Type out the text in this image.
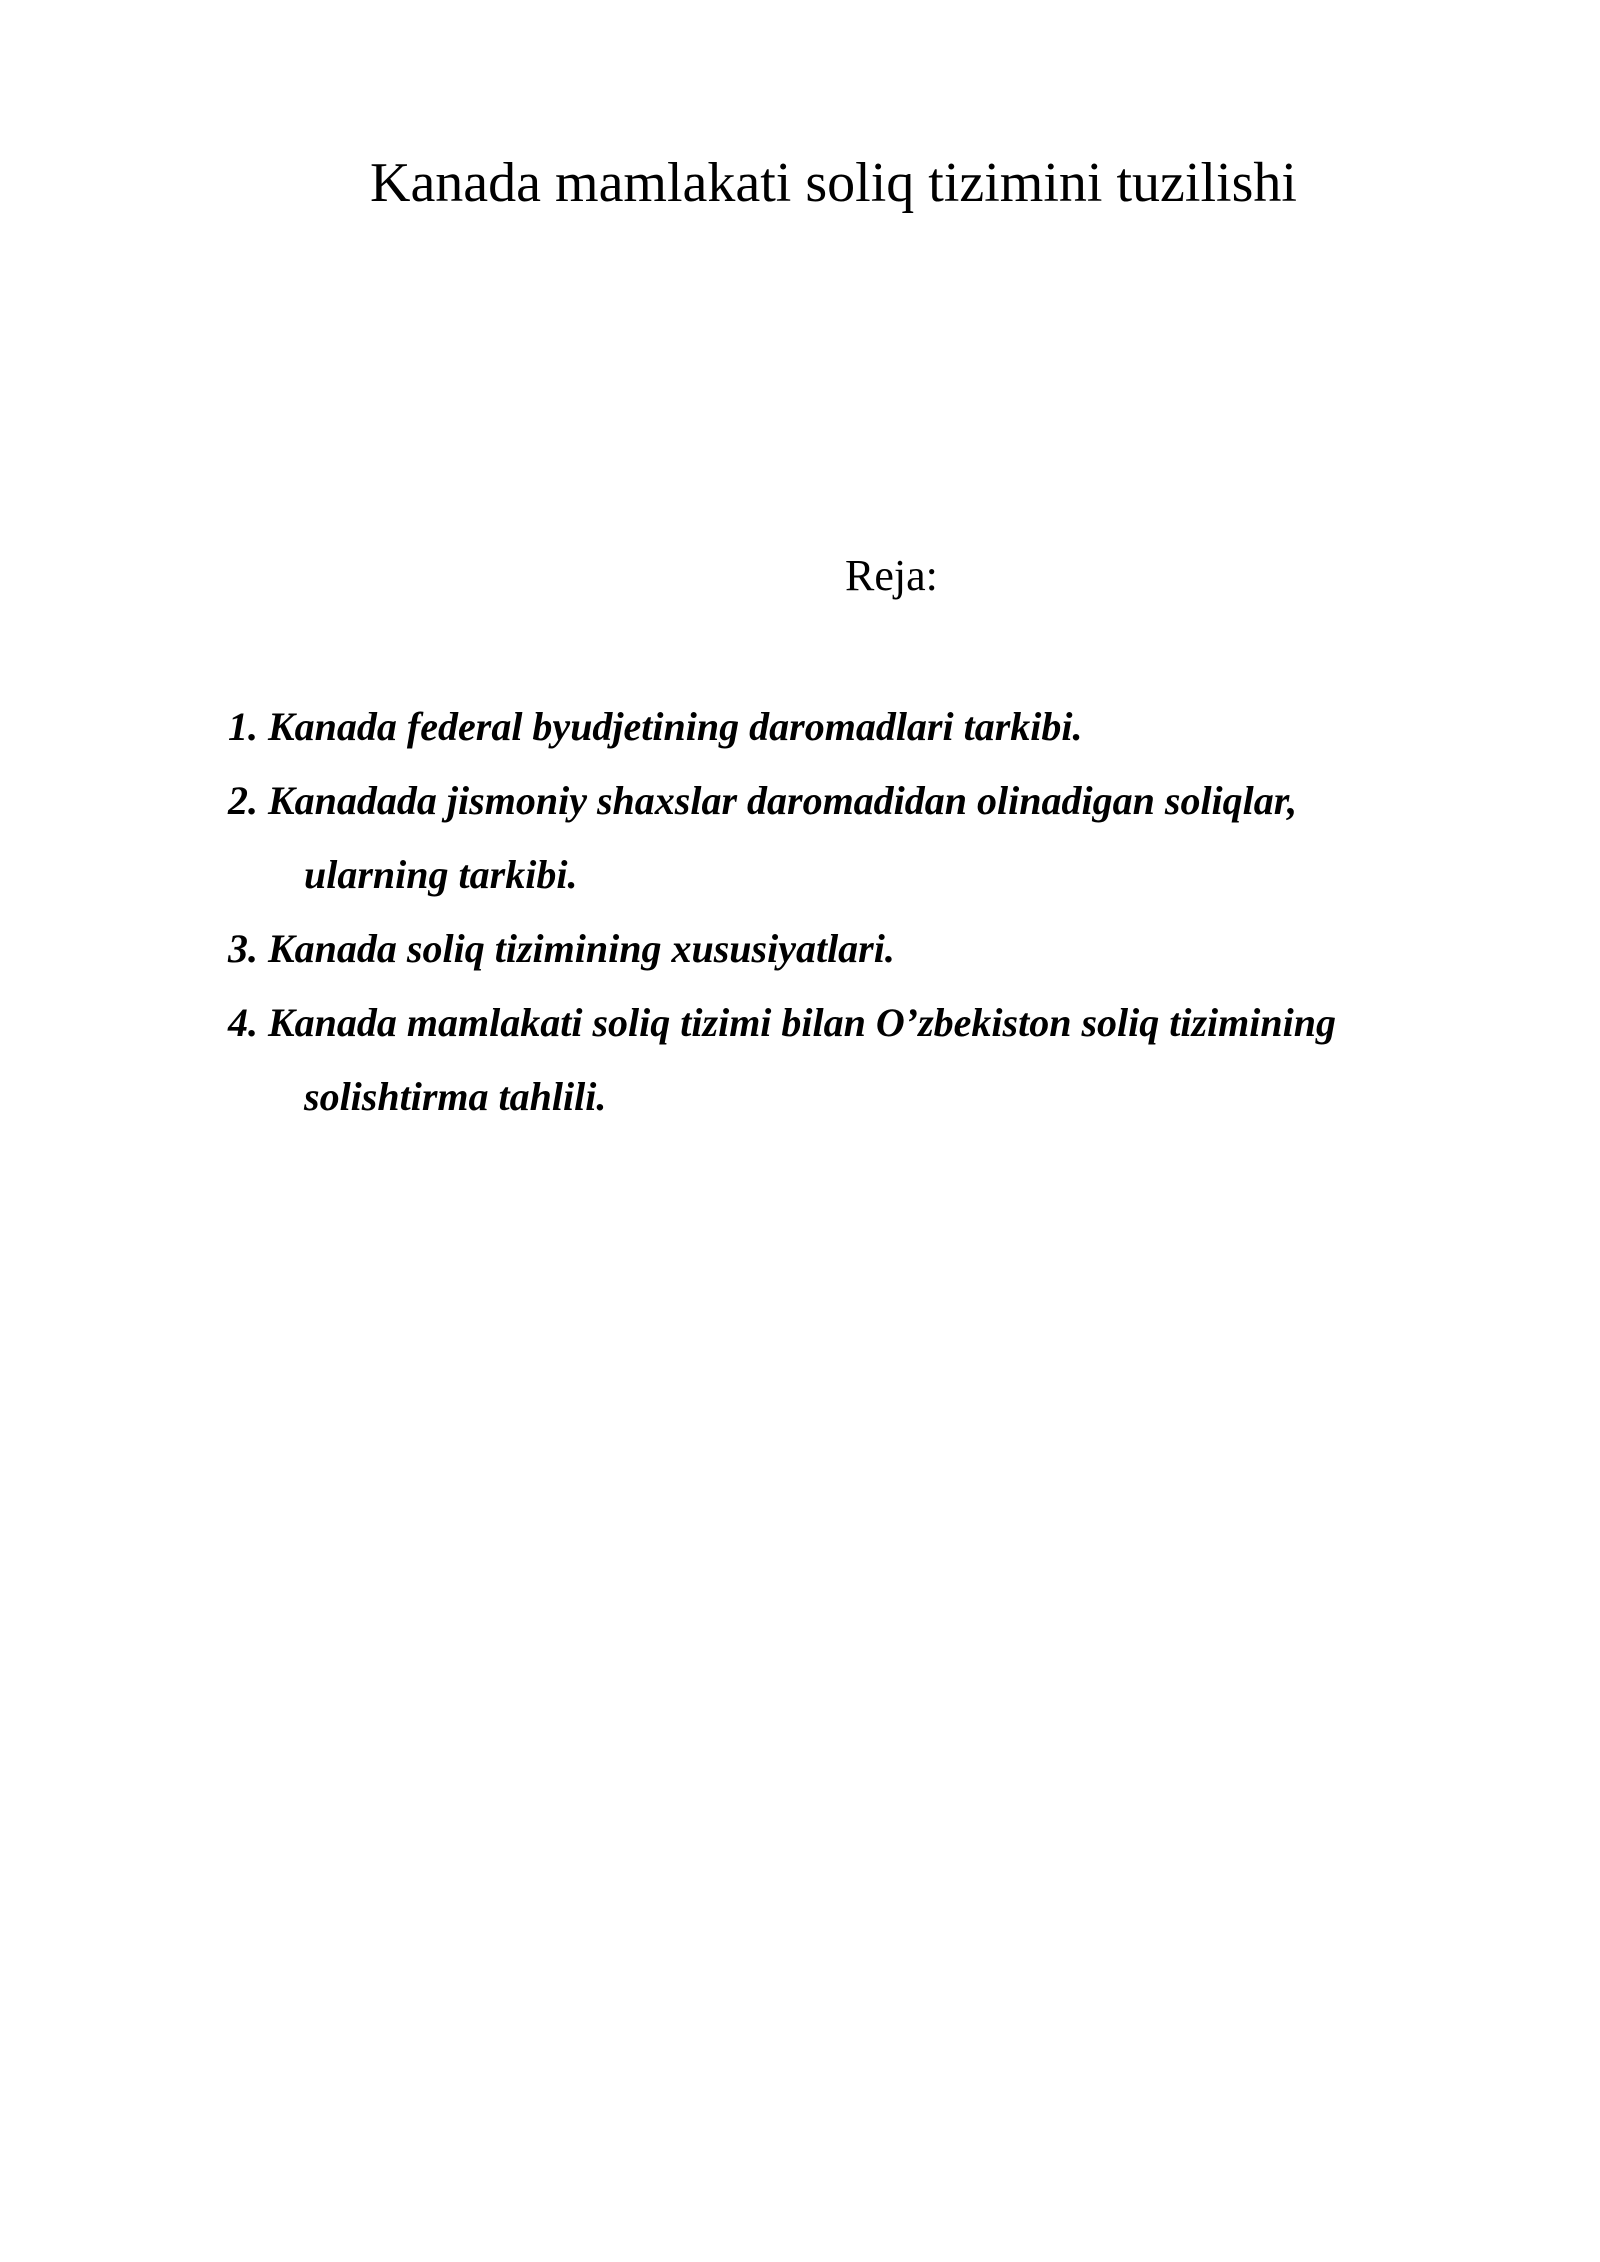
Kanada mamlakati soliq tizimini tuzilishi
Reja:
1. Kanada federal byudjetining daromadlari tarkibi.
2. Kanadada jismoniy shaxslar daromadidan olinadigan soliqlar,
ularning tarkibi.
3. Kanada soliq tizimining xususiyatlari.
4. Kanada mamlakati soliq tizimi bilan O’zbekiston soliq tizimining
solishtirma tahlili.
